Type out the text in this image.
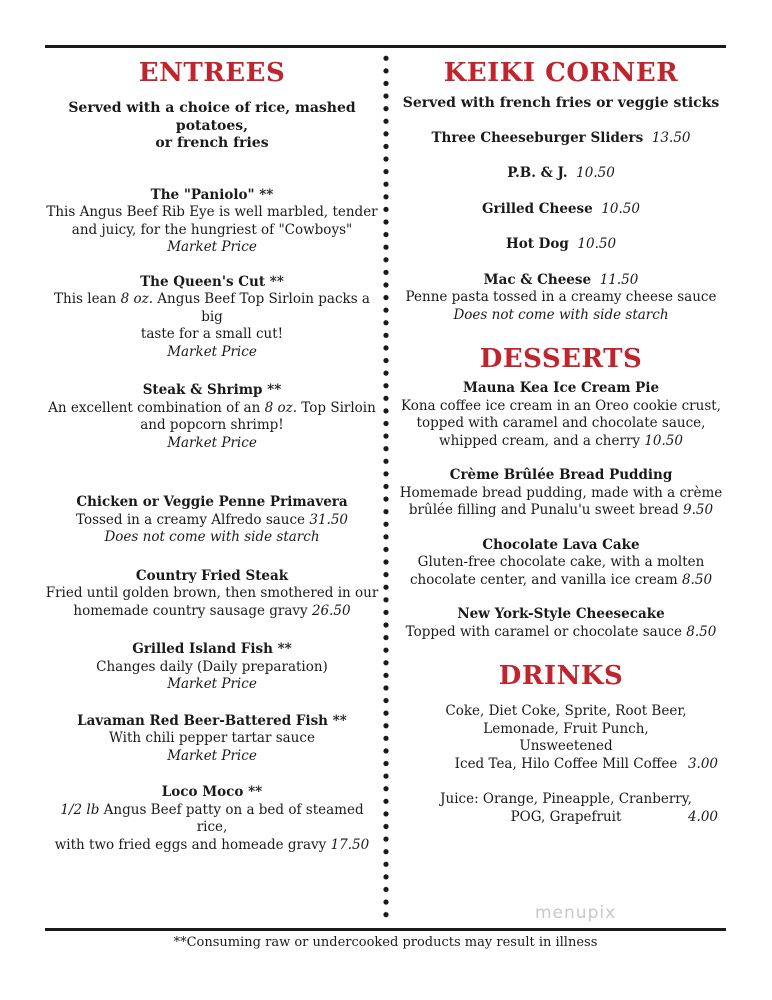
ENTREES
Served with a choice of rice, mashed potatoes,
or french fries
The "Paniolo" **
This Angus Beef Rib Eye is well marbled, tender
and juicy, for the hungriest of "Cowboys"
Market Price
The Queen's Cut **
This lean 8 oz. Angus Beef Top Sirloin packs a big
taste for a small cut!
Market Price
Steak & Shrimp **
An excellent combination of an 8 oz. Top Sirloin
and popcorn shrimp!
Market Price
Chicken or Veggie Penne Primavera
Tossed in a creamy Alfredo sauce 31.50
Does not come with side starch
Country Fried Steak
Fried until golden brown, then smothered in our
homemade country sausage gravy 26.50
Grilled Island Fish **
Changes daily (Daily preparation)
Market Price
Lavaman Red Beer-Battered Fish **
With chili pepper tartar sauce
Market Price
Loco Moco **
1/2 lb Angus Beef patty on a bed of steamed rice,
with two fried eggs and homeade gravy 17.50
KEIKI CORNER
Served with french fries or veggie sticks
Three Cheeseburger Sliders 13.50
P.B. & J. 10.50
Grilled Cheese 10.50
Hot Dog 10.50
Mac & Cheese 11.50
Penne pasta tossed in a creamy cheese sauce
Does not come with side starch
DESSERTS
Mauna Kea Ice Cream Pie
Kona coffee ice cream in an Oreo cookie crust,
topped with caramel and chocolate sauce,
whipped cream, and a cherry 10.50
Crème Brûlée Bread Pudding
Homemade bread pudding, made with a crème
brûlée filling and Punalu'u sweet bread 9.50
Chocolate Lava Cake
Gluten-free chocolate cake, with a molten
chocolate center, and vanilla ice cream 8.50
New York-Style Cheesecake
Topped with caramel or chocolate sauce 8.50
DRINKS
Coke, Diet Coke, Sprite, Root Beer,
Lemonade, Fruit Punch, Unsweetened
Iced Tea, Hilo Coffee Mill Coffee 3.00
Juice: Orange, Pineapple, Cranberry,
POG, Grapefruit	4.00
menupix
**Consuming raw or undercooked products may result in illness
